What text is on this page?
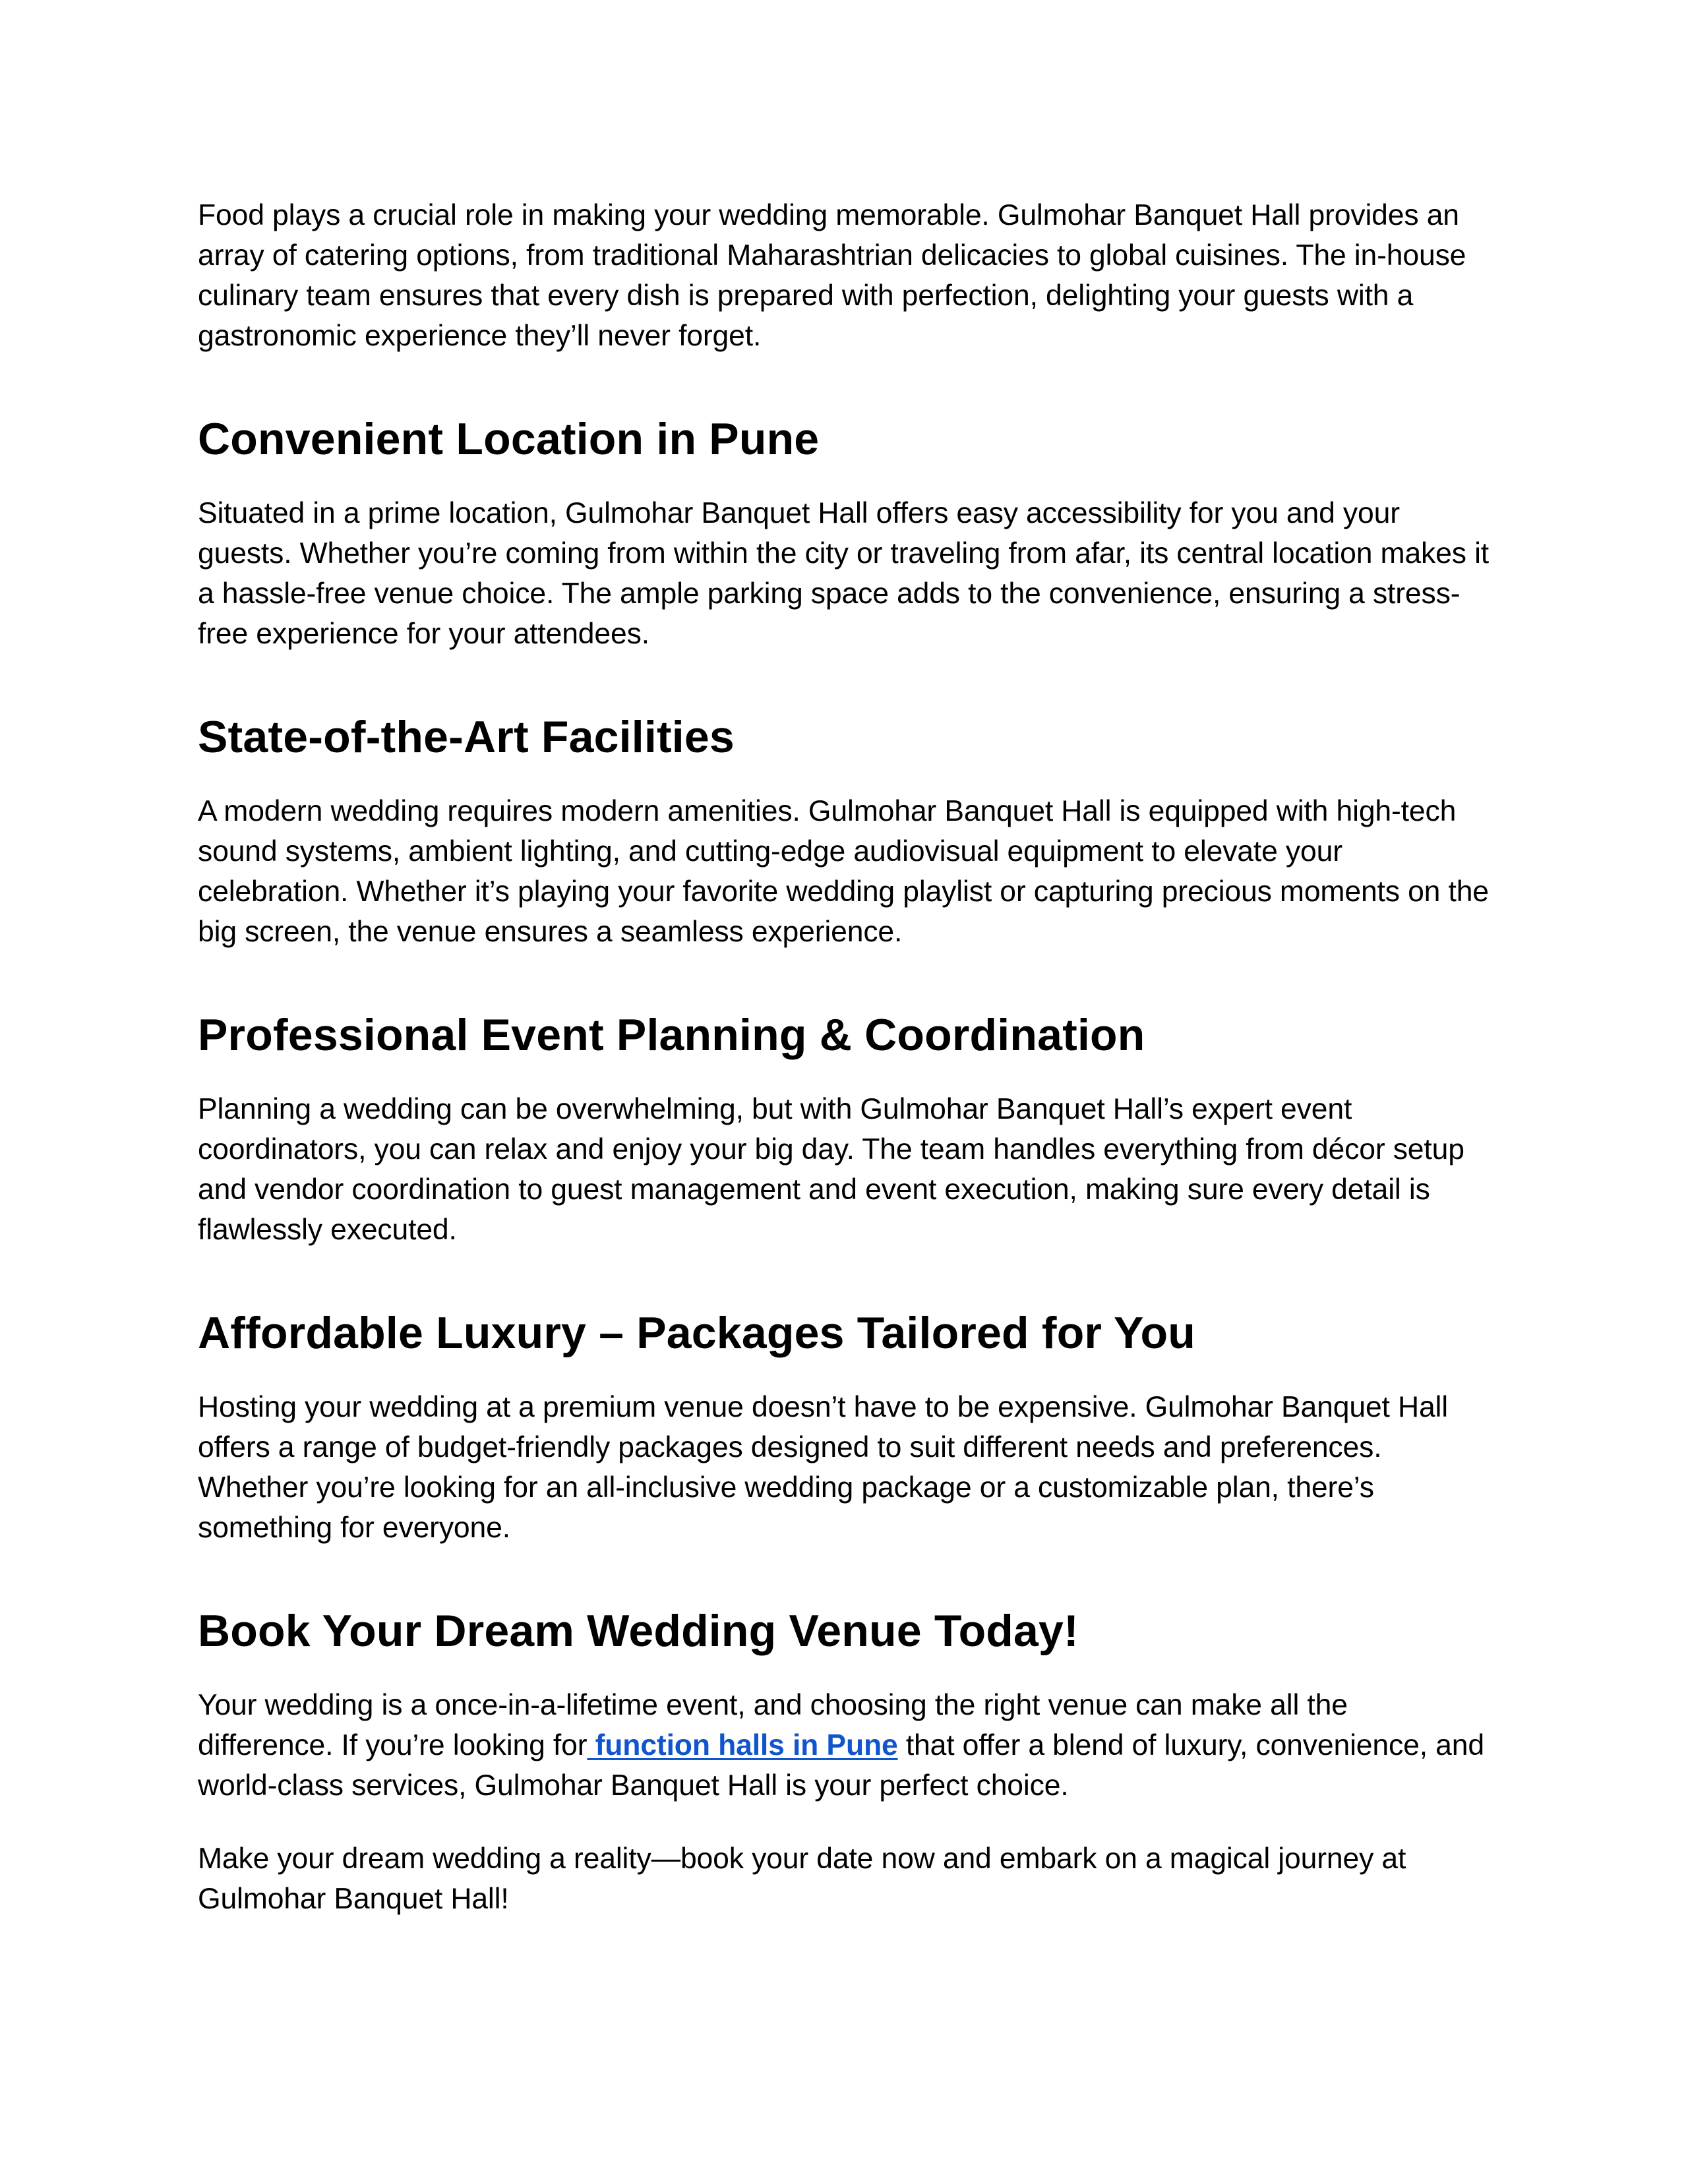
Food plays a crucial role in making your wedding memorable. Gulmohar Banquet Hall provides an array of catering options, from traditional Maharashtrian delicacies to global cuisines. The in-house culinary team ensures that every dish is prepared with perfection, delighting your guests with a gastronomic experience they’ll never forget.

Convenient Location in Pune

Situated in a prime location, Gulmohar Banquet Hall offers easy accessibility for you and your guests. Whether you’re coming from within the city or traveling from afar, its central location makes it a hassle-free venue choice. The ample parking space adds to the convenience, ensuring a stress-free experience for your attendees.

State-of-the-Art Facilities

A modern wedding requires modern amenities. Gulmohar Banquet Hall is equipped with high-tech sound systems, ambient lighting, and cutting-edge audiovisual equipment to elevate your celebration. Whether it’s playing your favorite wedding playlist or capturing precious moments on the big screen, the venue ensures a seamless experience.

Professional Event Planning & Coordination

Planning a wedding can be overwhelming, but with Gulmohar Banquet Hall’s expert event coordinators, you can relax and enjoy your big day. The team handles everything from décor setup and vendor coordination to guest management and event execution, making sure every detail is flawlessly executed.

Affordable Luxury – Packages Tailored for You

Hosting your wedding at a premium venue doesn’t have to be expensive. Gulmohar Banquet Hall offers a range of budget-friendly packages designed to suit different needs and preferences. Whether you’re looking for an all-inclusive wedding package or a customizable plan, there’s something for everyone.

Book Your Dream Wedding Venue Today!

Your wedding is a once-in-a-lifetime event, and choosing the right venue can make all the difference. If you’re looking for function halls in Pune that offer a blend of luxury, convenience, and world-class services, Gulmohar Banquet Hall is your perfect choice.

Make your dream wedding a reality—book your date now and embark on a magical journey at Gulmohar Banquet Hall!
